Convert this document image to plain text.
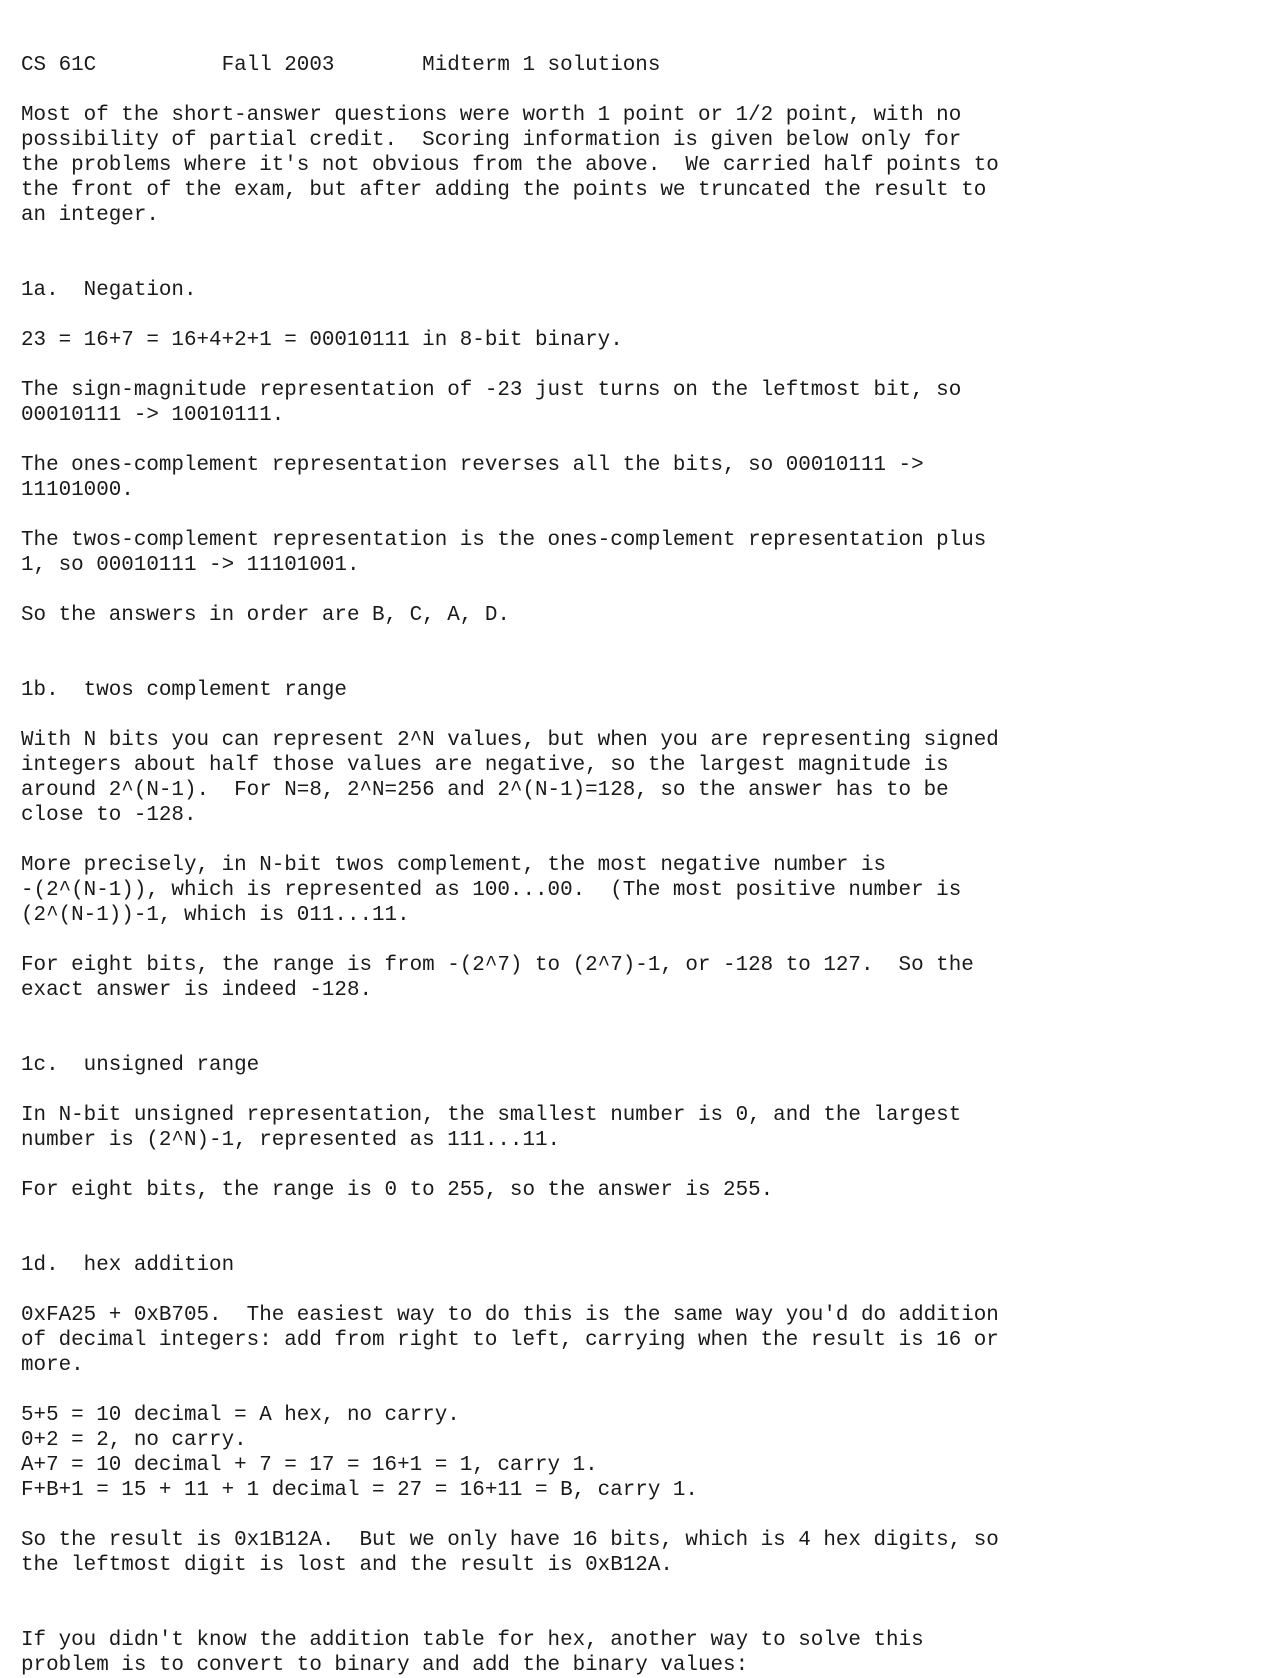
CS 61C          Fall 2003       Midterm 1 solutions
Most of the short-answer questions were worth 1 point or 1/2 point, with no
possibility of partial credit.  Scoring information is given below only for
the problems where it's not obvious from the above.  We carried half points to
the front of the exam, but after adding the points we truncated the result to
an integer.
1a.  Negation.
23 = 16+7 = 16+4+2+1 = 00010111 in 8-bit binary.
The sign-magnitude representation of -23 just turns on the leftmost bit, so
00010111 -> 10010111.
The ones-complement representation reverses all the bits, so 00010111 ->
11101000.
The twos-complement representation is the ones-complement representation plus
1, so 00010111 -> 11101001.
So the answers in order are B, C, A, D.
1b.  twos complement range
With N bits you can represent 2^N values, but when you are representing signed
integers about half those values are negative, so the largest magnitude is
around 2^(N-1).  For N=8, 2^N=256 and 2^(N-1)=128, so the answer has to be
close to -128.
More precisely, in N-bit twos complement, the most negative number is
-(2^(N-1)), which is represented as 100...00.  (The most positive number is
(2^(N-1))-1, which is 011...11.
For eight bits, the range is from -(2^7) to (2^7)-1, or -128 to 127.  So the
exact answer is indeed -128.
1c.  unsigned range
In N-bit unsigned representation, the smallest number is 0, and the largest
number is (2^N)-1, represented as 111...11.
For eight bits, the range is 0 to 255, so the answer is 255.
1d.  hex addition
0xFA25 + 0xB705.  The easiest way to do this is the same way you'd do addition
of decimal integers: add from right to left, carrying when the result is 16 or
more.
5+5 = 10 decimal = A hex, no carry.
0+2 = 2, no carry.
A+7 = 10 decimal + 7 = 17 = 16+1 = 1, carry 1.
F+B+1 = 15 + 11 + 1 decimal = 27 = 16+11 = B, carry 1.
So the result is 0x1B12A.  But we only have 16 bits, which is 4 hex digits, so
the leftmost digit is lost and the result is 0xB12A.
If you didn't know the addition table for hex, another way to solve this
problem is to convert to binary and add the binary values:
